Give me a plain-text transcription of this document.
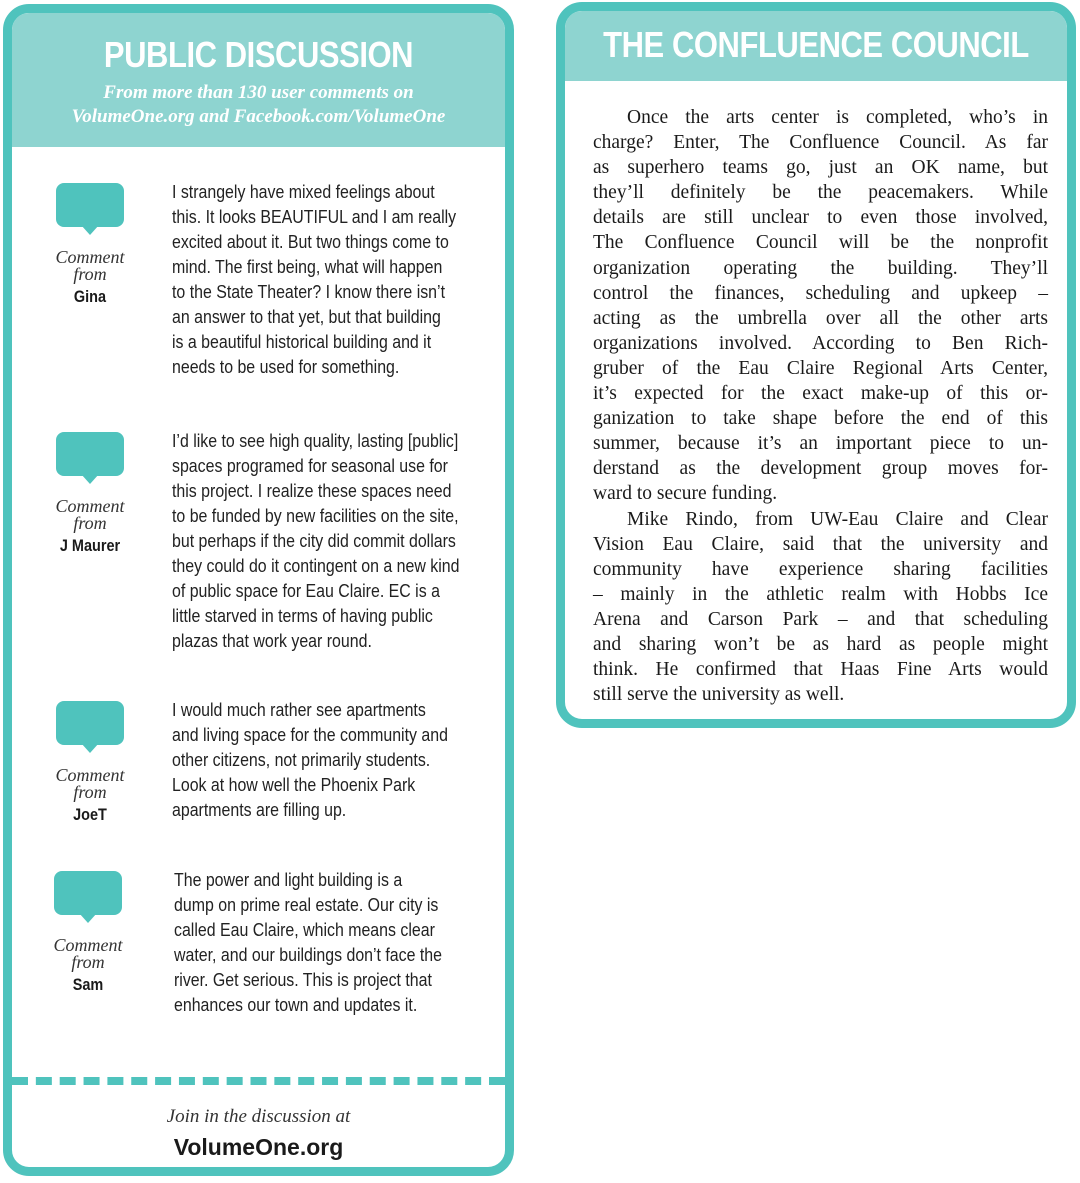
PUBLIC DISCUSSION
From more than 130 user comments on
VolumeOne.org and Facebook.com/VolumeOne
Comment
from
Gina
I strangely have mixed feelings about
this. It looks BEAUTIFUL and I am really
excited about it. But two things come to
mind. The first being, what will happen
to the State Theater? I know there isn’t
an answer to that yet, but that building
is a beautiful historical building and it
needs to be used for something.
Comment
from
J Maurer
I’d like to see high quality, lasting [public]
spaces programed for seasonal use for
this project. I realize these spaces need
to be funded by new facilities on the site,
but perhaps if the city did commit dollars
they could do it contingent on a new kind
of public space for Eau Claire. EC is a
little starved in terms of having public
plazas that work year round.
Comment
from
JoeT
I would much rather see apartments
and living space for the community and
other citizens, not primarily students.
Look at how well the Phoenix Park
apartments are filling up.
Comment
from
Sam
The power and light building is a
dump on prime real estate. Our city is
called Eau Claire, which means clear
water, and our buildings don’t face the
river. Get serious. This is project that
enhances our town and updates it.
Join in the discussion at
VolumeOne.org
THE CONFLUENCE COUNCIL
Once the arts center is completed, who’s in
charge? Enter, The Confluence Council. As far
as superhero teams go, just an OK name, but
they’ll definitely be the peacemakers. While
details are still unclear to even those involved,
The Confluence Council will be the nonprofit
organization operating the building. They’ll
control the finances, scheduling and upkeep –
acting as the umbrella over all the other arts
organizations involved. According to Ben Rich-
gruber of the Eau Claire Regional Arts Center,
it’s expected for the exact make-up of this or-
ganization to take shape before the end of this
summer, because it’s an important piece to un-
derstand as the development group moves for-
ward to secure funding.
Mike Rindo, from UW-Eau Claire and Clear
Vision Eau Claire, said that the university and
community have experience sharing facilities
– mainly in the athletic realm with Hobbs Ice
Arena and Carson Park – and that scheduling
and sharing won’t be as hard as people might
think. He confirmed that Haas Fine Arts would
still serve the university as well.
